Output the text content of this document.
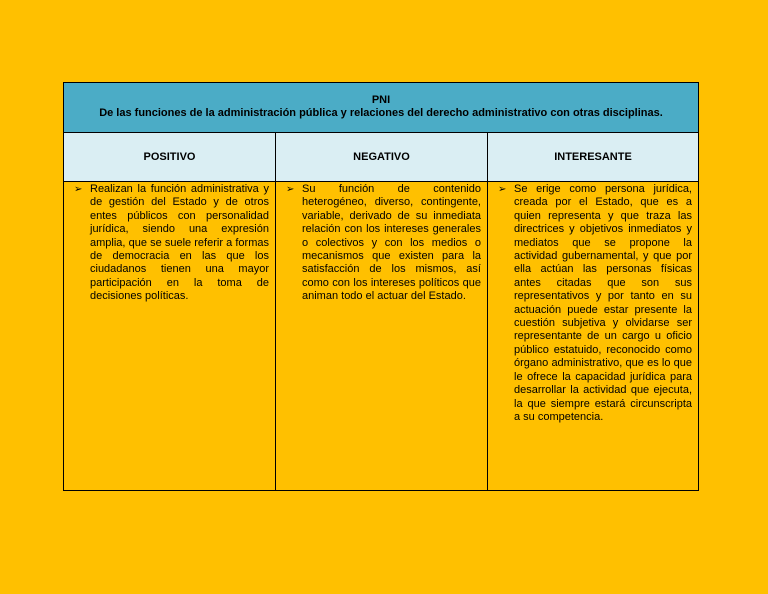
PNI
De las funciones de la administración pública y relaciones del derecho administrativo con otras disciplinas.
POSITIVO	NEGATIVO	INTERESANTE
➢ Realizan la función administrativa y de gestión del Estado y de otros entes públicos con personalidad jurídica, siendo una expresión amplia, que se suele referir a formas de democracia en las que los ciudadanos tienen una mayor participación en la toma de decisiones políticas.
➢ Su función de contenido heterogéneo, diverso, contingente, variable, derivado de su inmediata relación con los intereses generales o colectivos y con los medios o mecanismos que existen para la satisfacción de los mismos, así como con los intereses políticos que animan todo el actuar del Estado.
➢ Se erige como persona jurídica, creada por el Estado, que es a quien representa y que traza las directrices y objetivos inmediatos y mediatos que se propone la actividad gubernamental, y que por ella actúan las personas físicas antes citadas que son sus representativos y por tanto en su actuación puede estar presente la cuestión subjetiva y olvidarse ser representante de un cargo u oficio público estatuido, reconocido como órgano administrativo, que es lo que le ofrece la capacidad jurídica para desarrollar la actividad que ejecuta, la que siempre estará circunscripta a su competencia.
